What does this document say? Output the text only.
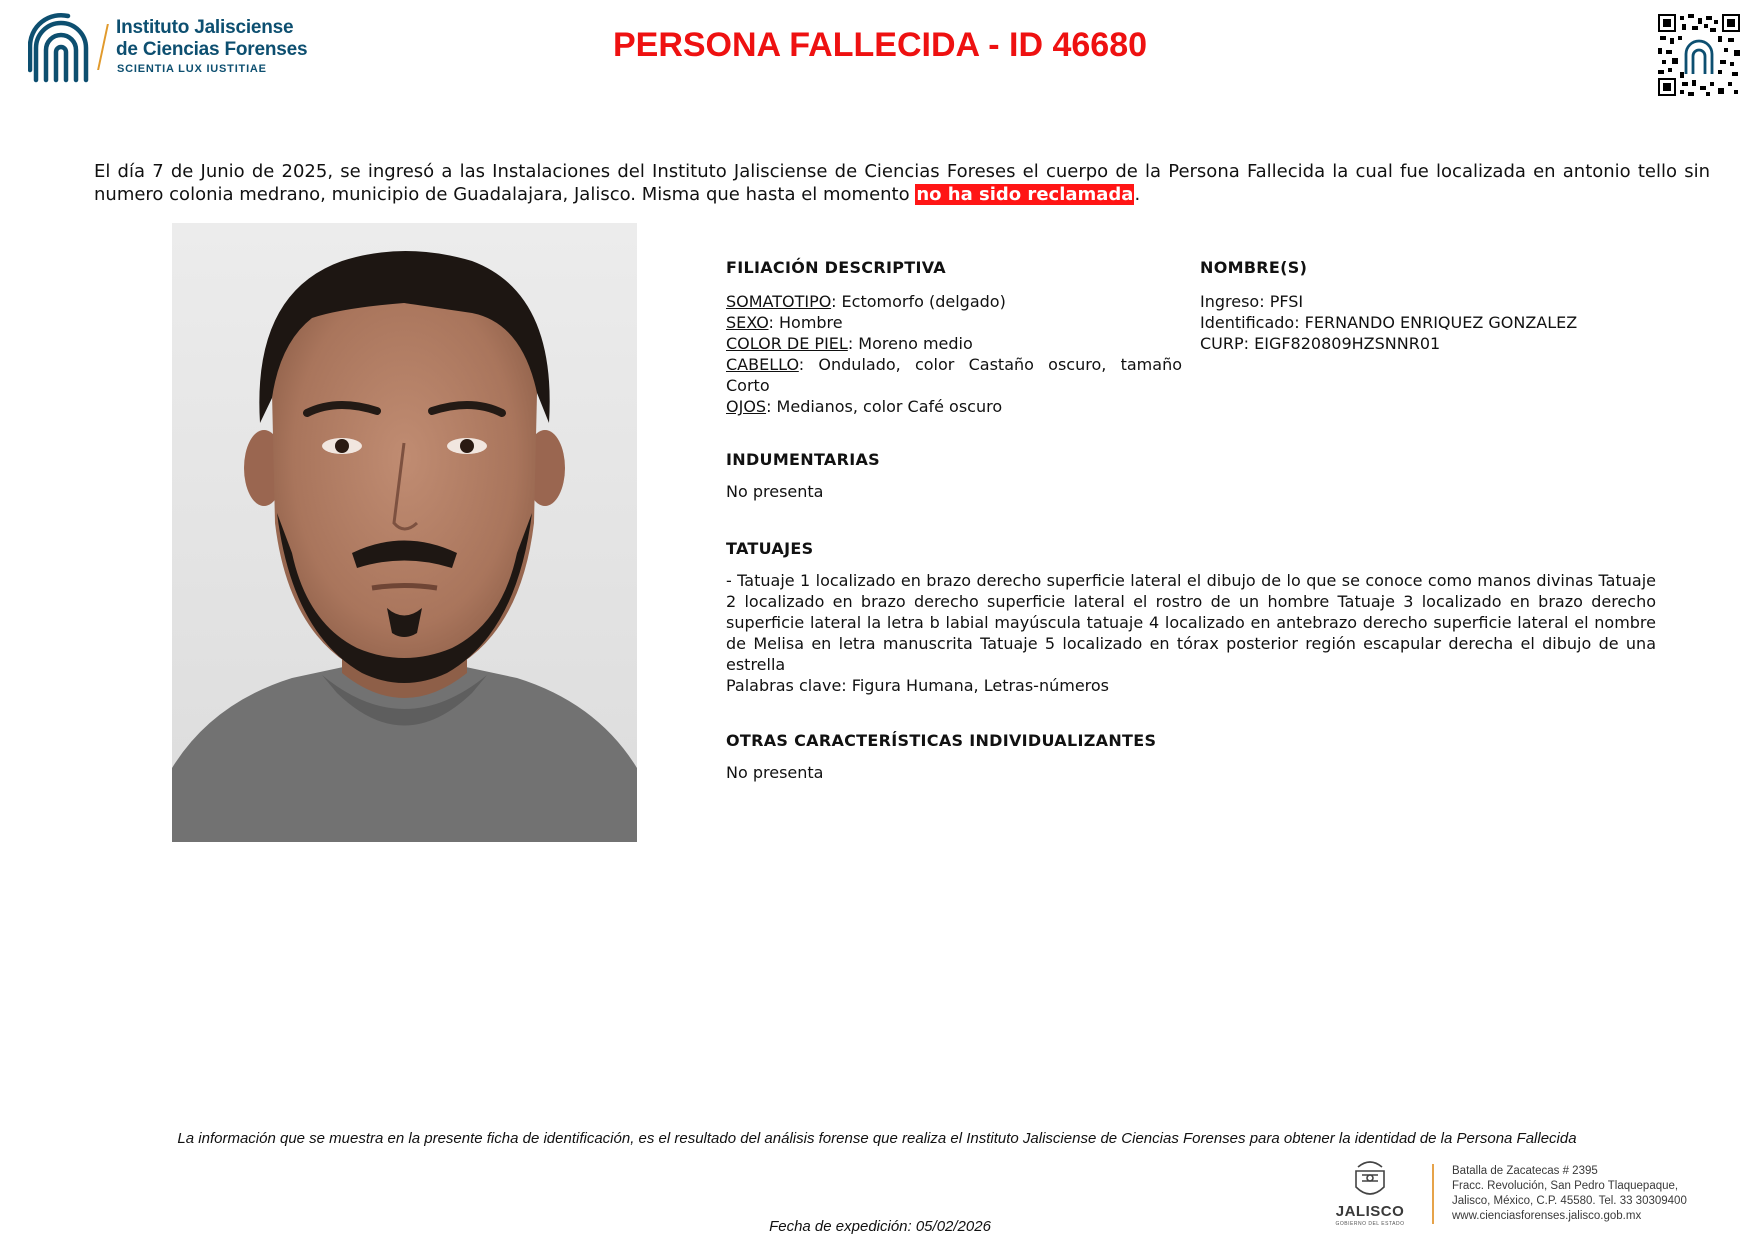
Instituto Jalisciense
de Ciencias Forenses
SCIENTIA LUX IUSTITIAE
PERSONA FALLECIDA - ID 46680
El día 7 de Junio de 2025, se ingresó a las Instalaciones del Instituto Jalisciense de Ciencias Foreses el cuerpo de la Persona Fallecida la cual fue localizada en antonio tello sin numero colonia medrano, municipio de Guadalajara, Jalisco. Misma que hasta el momento no ha sido reclamada.
FILIACIÓN DESCRIPTIVA
SOMATOTIPO: Ectomorfo (delgado)
SEXO: Hombre
COLOR DE PIEL: Moreno medio
CABELLO: Ondulado, color Castaño oscuro, tamaño Corto
OJOS: Medianos, color Café oscuro
NOMBRE(S)
Ingreso: PFSI
Identificado: FERNANDO ENRIQUEZ GONZALEZ
CURP: EIGF820809HZSNNR01
INDUMENTARIAS
No presenta
TATUAJES
- Tatuaje 1 localizado en brazo derecho superficie lateral el dibujo de lo que se conoce como manos divinas Tatuaje 2 localizado en brazo derecho superficie lateral el rostro de un hombre Tatuaje 3 localizado en brazo derecho superficie lateral la letra b labial mayúscula tatuaje 4 localizado en antebrazo derecho superficie lateral el nombre de Melisa en letra manuscrita Tatuaje 5 localizado en tórax posterior región escapular derecha el dibujo de una estrella
Palabras clave: Figura Humana, Letras-números
OTRAS CARACTERÍSTICAS INDIVIDUALIZANTES
No presenta
La información que se muestra en la presente ficha de identificación, es el resultado del análisis forense que realiza el Instituto Jalisciense de Ciencias Forenses para obtener la identidad de la Persona Fallecida
JALISCO
GOBIERNO DEL ESTADO
Batalla de Zacatecas # 2395
Fracc. Revolución, San Pedro Tlaquepaque,
Jalisco, México, C.P. 45580. Tel. 33 30309400
www.cienciasforenses.jalisco.gob.mx
Fecha de expedición: 05/02/2026
